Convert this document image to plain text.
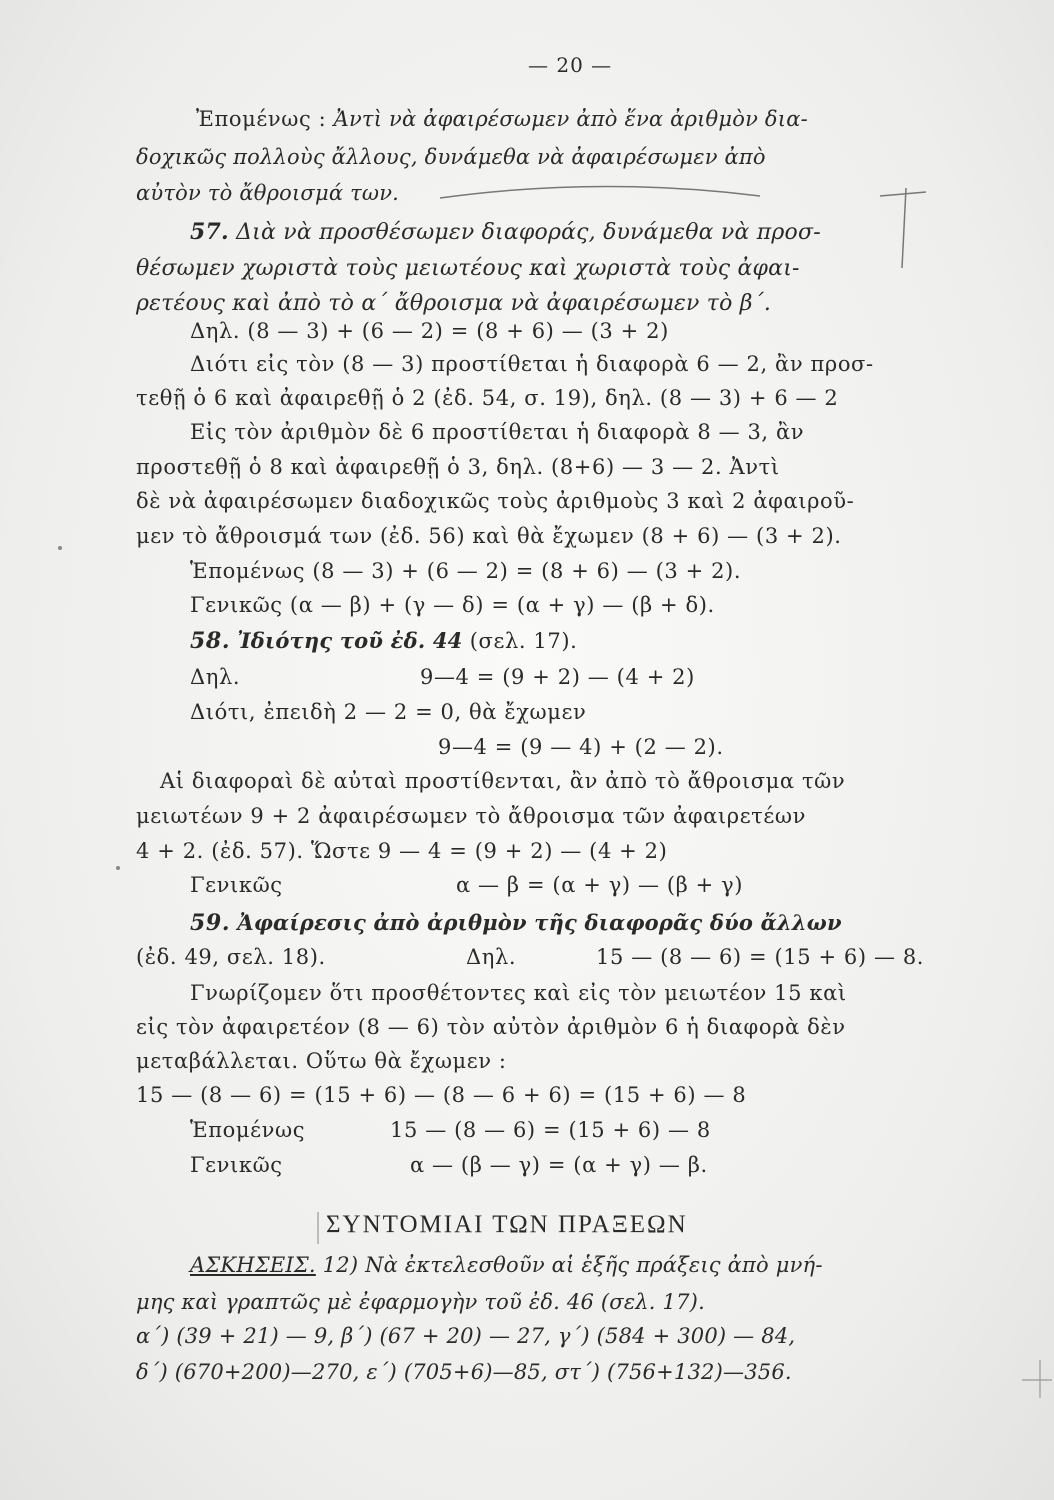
— 20 —
Ἐπομένως : Ἀντὶ νὰ ἀφαιρέσωμεν ἀπὸ ἕνα ἀριθμὸν δια-
δοχικῶς πολλοὺς ἄλλους, δυνάμεθα νὰ ἀφαιρέσωμεν ἀπὸ
αὐτὸν τὸ ἄθροισμά των.
57. Διὰ νὰ προσθέσωμεν διαφοράς, δυνάμεθα νὰ προσ-
θέσωμεν χωριστὰ τοὺς μειωτέους καὶ χωριστὰ τοὺς ἀφαι-
ρετέους καὶ ἀπὸ τὸ α΄ ἄθροισμα νὰ ἀφαιρέσωμεν τὸ β΄.
Δηλ. (8 — 3) + (6 — 2) = (8 + 6) — (3 + 2)
Διότι εἰς τὸν (8 — 3) προστίθεται ἡ διαφορὰ 6 — 2, ἂν προσ-
τεθῇ ὁ 6 καὶ ἀφαιρεθῇ ὁ 2 (ἐδ. 54, σ. 19), δηλ. (8 — 3) + 6 — 2
Εἰς τὸν ἀριθμὸν δὲ 6 προστίθεται ἡ διαφορὰ 8 — 3, ἂν
προστεθῇ ὁ 8 καὶ ἀφαιρεθῇ ὁ 3, δηλ. (8+6) — 3 — 2. Ἀντὶ
δὲ νὰ ἀφαιρέσωμεν διαδοχικῶς τοὺς ἀριθμοὺς 3 καὶ 2 ἀφαιροῦ-
μεν τὸ ἄθροισμά των (ἐδ. 56) καὶ θὰ ἔχωμεν (8 + 6) — (3 + 2).
Ἑπομένως (8 — 3) + (6 — 2) = (8 + 6) — (3 + 2).
Γενικῶς (α — β) + (γ — δ) = (α + γ) — (β + δ).
58. Ἰδιότης τοῦ ἐδ. 44 (σελ. 17).
Δηλ.	9—4 = (9 + 2) — (4 + 2)
Διότι, ἐπειδὴ 2 — 2 = 0, θὰ ἔχωμεν
9—4 = (9 — 4) + (2 — 2).
Αἱ διαφοραὶ δὲ αὐταὶ προστίθενται, ἂν ἀπὸ τὸ ἄθροισμα τῶν
μειωτέων 9 + 2 ἀφαιρέσωμεν τὸ ἄθροισμα τῶν ἀφαιρετέων
4 + 2. (ἐδ. 57). Ὥστε 9 — 4 = (9 + 2) — (4 + 2)
Γενικῶς	α — β = (α + γ) — (β + γ)
59. Ἀφαίρεσις ἀπὸ ἀριθμὸν τῆς διαφορᾶς δύο ἄλλων
(ἐδ. 49, σελ. 18).	Δηλ.	15 — (8 — 6) = (15 + 6) — 8.
Γνωρίζομεν ὅτι προσθέτοντες καὶ εἰς τὸν μειωτέον 15 καὶ
εἰς τὸν ἀφαιρετέον (8 — 6) τὸν αὐτὸν ἀριθμὸν 6 ἡ διαφορὰ δὲν
μεταβάλλεται. Οὕτω θὰ ἔχωμεν :
15 — (8 — 6) = (15 + 6) — (8 — 6 + 6) = (15 + 6) — 8
Ἑπομένως	15 — (8 — 6) = (15 + 6) — 8
Γενικῶς	α — (β — γ) = (α + γ) — β.
ΣΥΝΤΟΜΙΑΙ ΤΩΝ ΠΡΑΞΕΩΝ
ΑΣΚΗΣΕΙΣ. 12) Νὰ ἐκτελεσθοῦν αἱ ἑξῆς πράξεις ἀπὸ μνή-
μης καὶ γραπτῶς μὲ ἐφαρμογὴν τοῦ ἐδ. 46 (σελ. 17).
α΄) (39 + 21) — 9, β΄) (67 + 20) — 27, γ΄) (584 + 300) — 84,
δ΄) (670+200)—270, ε΄) (705+6)—85, στ΄) (756+132)—356.
